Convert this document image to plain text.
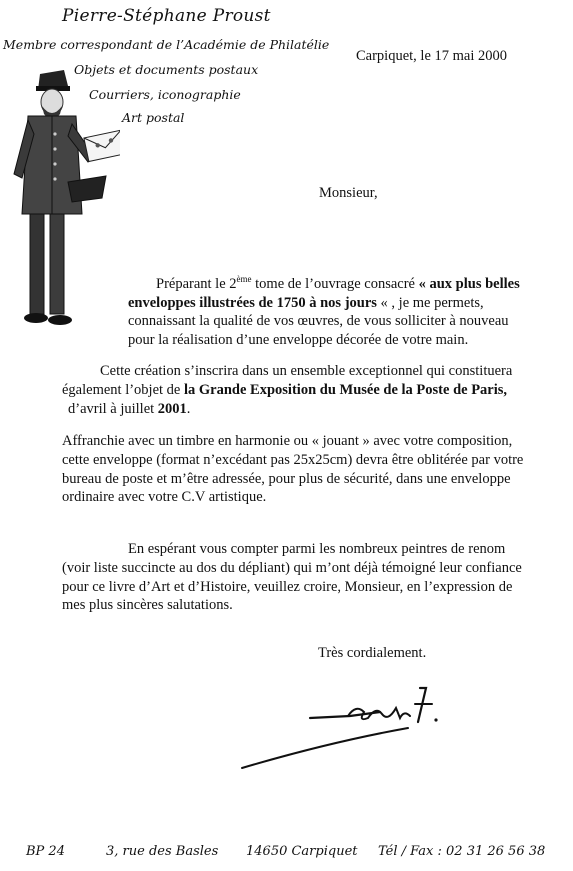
Pierre-Stéphane Proust
Membre correspondant de l’Académie de Philatélie
Objets et documents postaux
Courriers, iconographie
Art postal
Carpiquet, le 17 mai 2000
Monsieur,
Préparant le 2ème tome de l’ouvrage consacré « aux plus belles
enveloppes illustrées de 1750 à nos jours « , je me permets,
connaissant la qualité de vos œuvres, de vous solliciter à nouveau
pour la réalisation d’une enveloppe décorée de votre main.
Cette création s’inscrira dans un ensemble exceptionnel qui constituera
également l’objet de la Grande Exposition du Musée de la Poste de Paris,
d’avril à juillet 2001.
Affranchie avec un timbre en harmonie ou « jouant » avec votre composition,
cette enveloppe (format n’excédant pas 25x25cm) devra être oblitérée par votre
bureau de poste et m’être adressée, pour plus de sécurité, dans une enveloppe
ordinaire avec votre C.V artistique.
En espérant vous compter parmi les nombreux peintres de renom
(voir liste succincte au dos du dépliant) qui m’ont déjà témoigné leur confiance
pour ce livre d’Art et d’Histoire, veuillez croire, Monsieur, en l’expression de
mes plus sincères salutations.
Très cordialement.
BP 24	3, rue des Basles 14650 Carpiquet Tél / Fax : 02 31 26 56 38
